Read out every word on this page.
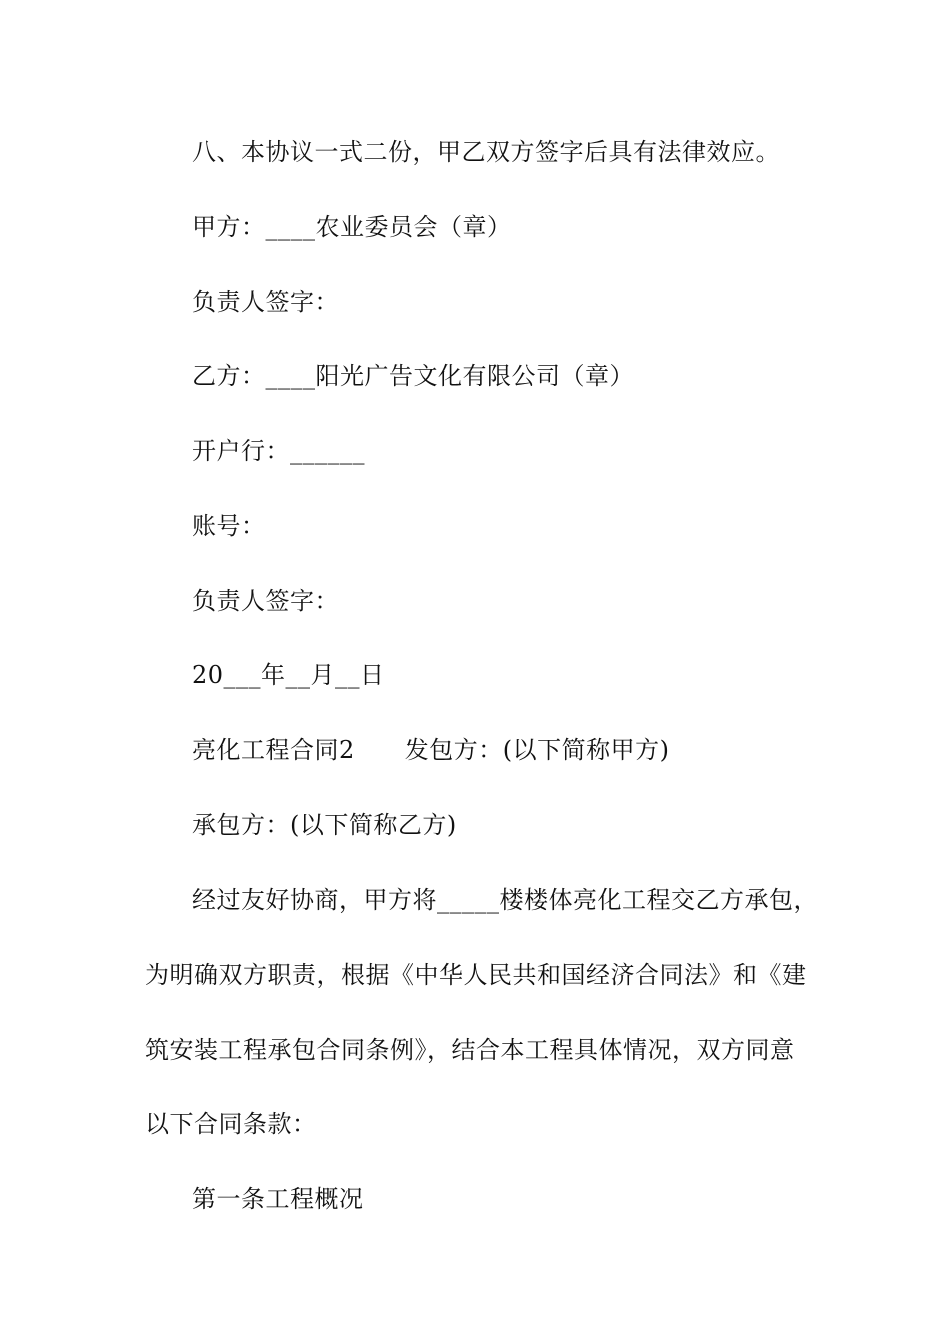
八、本协议一式二份，甲乙双方签字后具有法律效应。
甲方：____农业委员会（章）
负责人签字：
乙方：____阳光广告文化有限公司（章）
开户行：______
账号：
负责人签字：
20___年__月__日
亮化工程合同2 发包方：(以下简称甲方)
承包方：(以下简称乙方)
经过友好协商，甲方将_____楼楼体亮化工程交乙方承包，
为明确双方职责，根据《中华人民共和国经济合同法》和《建
筑安装工程承包合同条例》，结合本工程具体情况，双方同意
以下合同条款：
第一条工程概况
